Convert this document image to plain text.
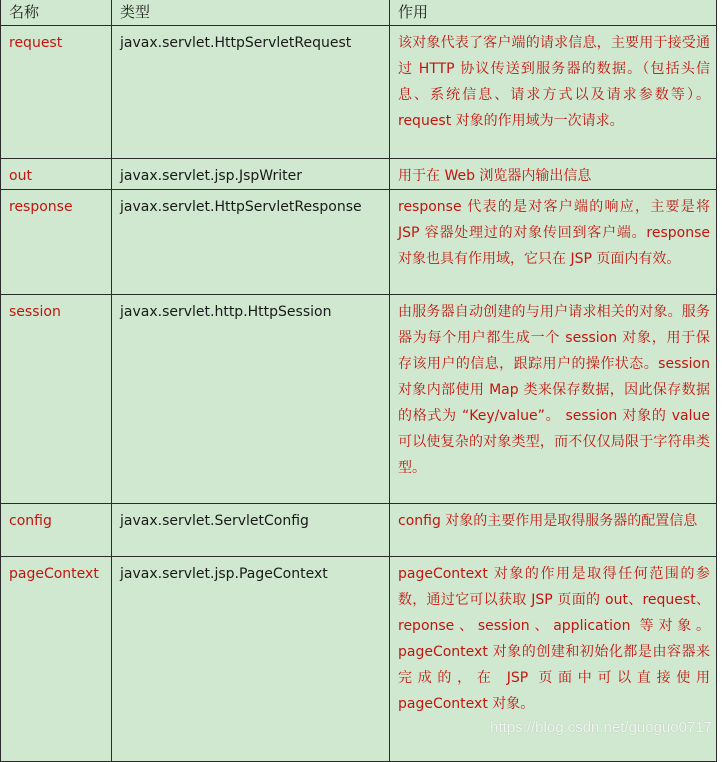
名称	类型	作用
request	javax.servlet.HttpServletRequest	该对象代表了客户端的请求信息，主要用于接受通过 HTTP 协议传送到服务器的数据。（包括头信息、系统信息、请求方式以及请求参数等）。request 对象的作用域为一次请求。
out	javax.servlet.jsp.JspWriter	用于在 Web 浏览器内输出信息
response	javax.servlet.HttpServletResponse	response 代表的是对客户端的响应，主要是将 JSP 容器处理过的对象传回到客户端。response 对象也具有作用域，它只在 JSP 页面内有效。
session	javax.servlet.http.HttpSession	由服务器自动创建的与用户请求相关的对象。服务器为每个用户都生成一个 session 对象，用于保存该用户的信息，跟踪用户的操作状态。session 对象内部使用 Map 类来保存数据，因此保存数据的格式为 “Key/value”。 session 对象的 value 可以使复杂的对象类型，而不仅仅局限于字符串类型。
config	javax.servlet.ServletConfig	config 对象的主要作用是取得服务器的配置信息
pageContext	javax.servlet.jsp.PageContext	pageContext 对象的作用是取得任何范围的参数，通过它可以获取 JSP 页面的 out、request、reponse、session、application 等对象。pageContext 对象的创建和初始化都是由容器来完成的，在 JSP 页面中可以直接使用 pageContext 对象。
https://blog.csdn.net/guoguo0717
